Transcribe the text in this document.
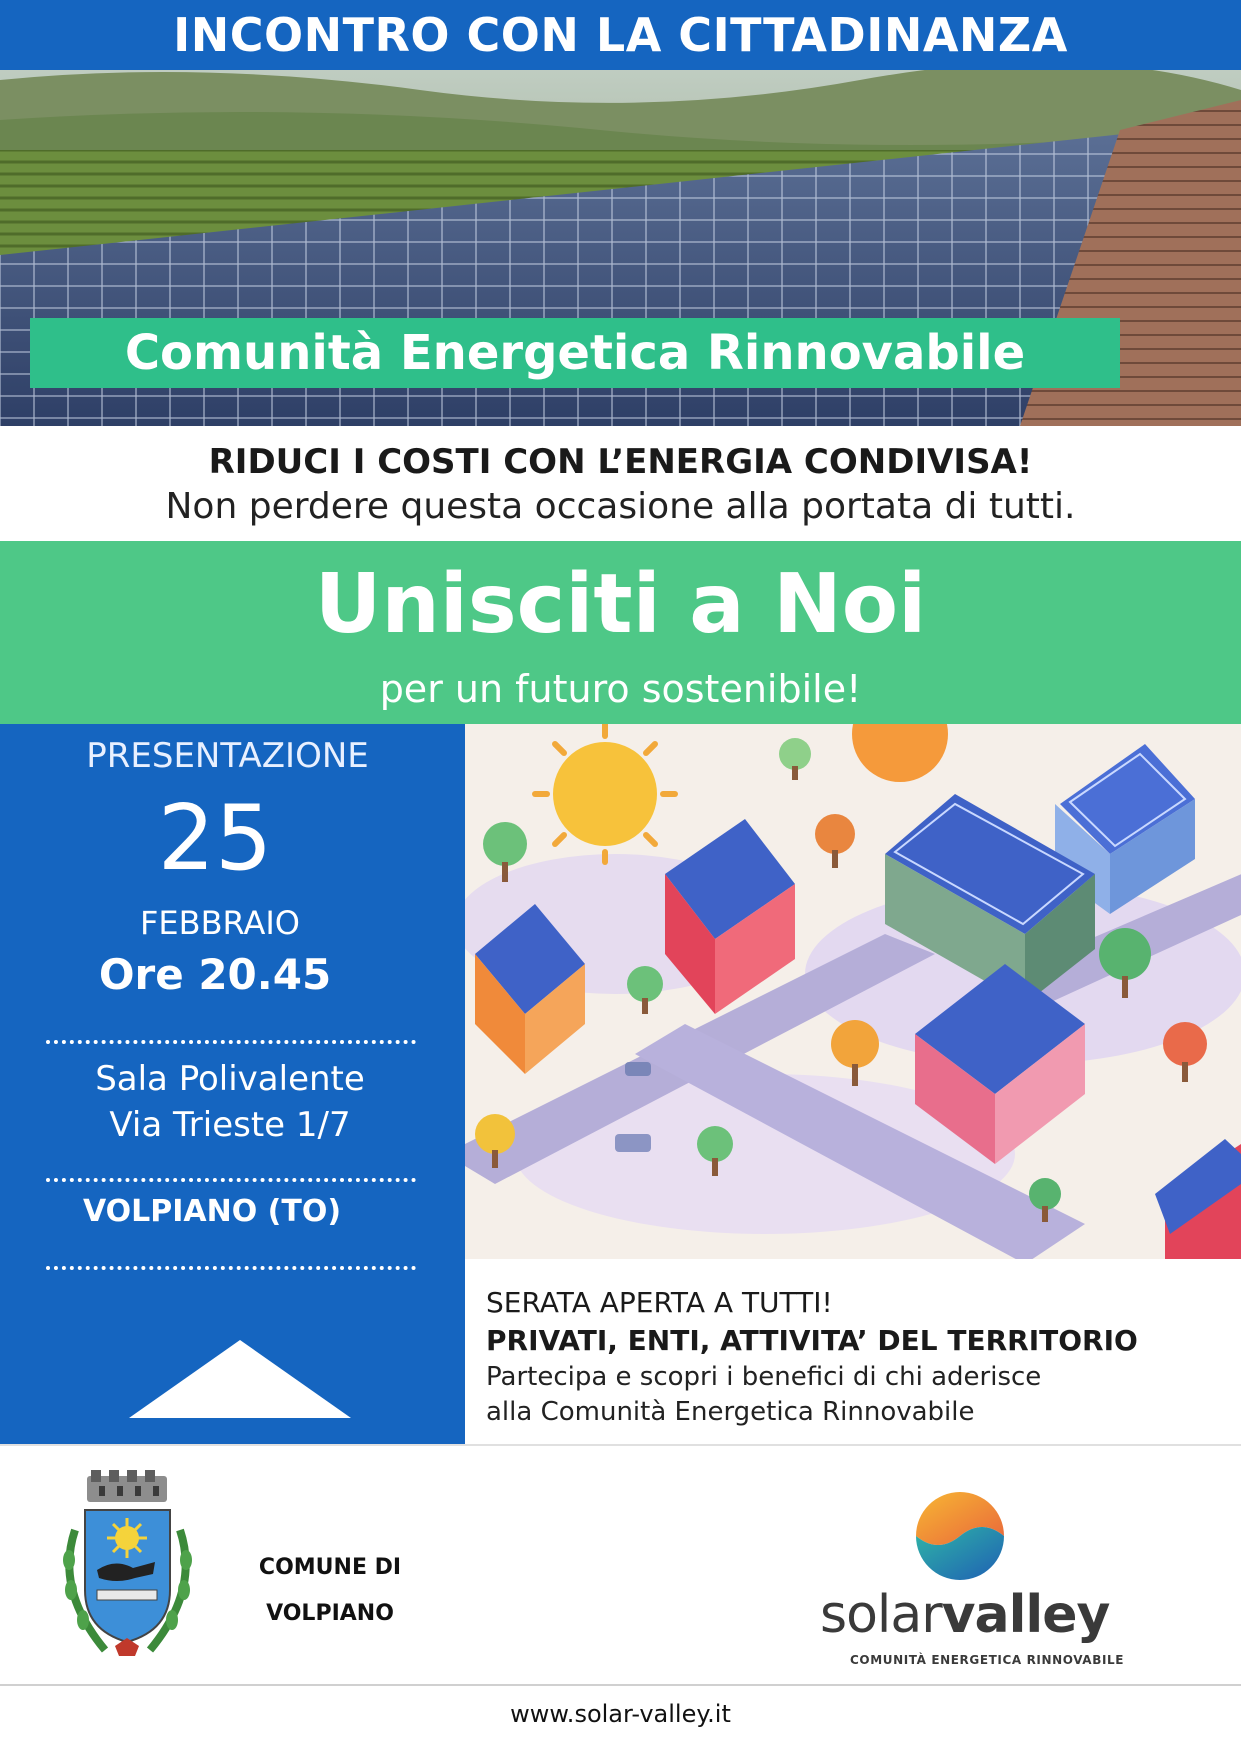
INCONTRO CON LA CITTADINANZA
Comunità Energetica Rinnovabile
RIDUCI I COSTI CON L’ENERGIA CONDIVISA!
Non perdere questa occasione alla portata di tutti.
Unisciti a Noi
per un futuro sostenibile!
PRESENTAZIONE
25
FEBBRAIO
Ore 20.45
Sala Polivalente
Via Trieste 1/7
VOLPIANO (TO)
SERATA APERTA A TUTTI!
PRIVATI, ENTI, ATTIVITA’ DEL TERRITORIO
Partecipa e scopri i benefici di chi aderisce
alla Comunità Energetica Rinnovabile
COMUNE DI
VOLPIANO	solarvalley
COMUNITÀ ENERGETICA RINNOVABILE
www.solar-valley.it
